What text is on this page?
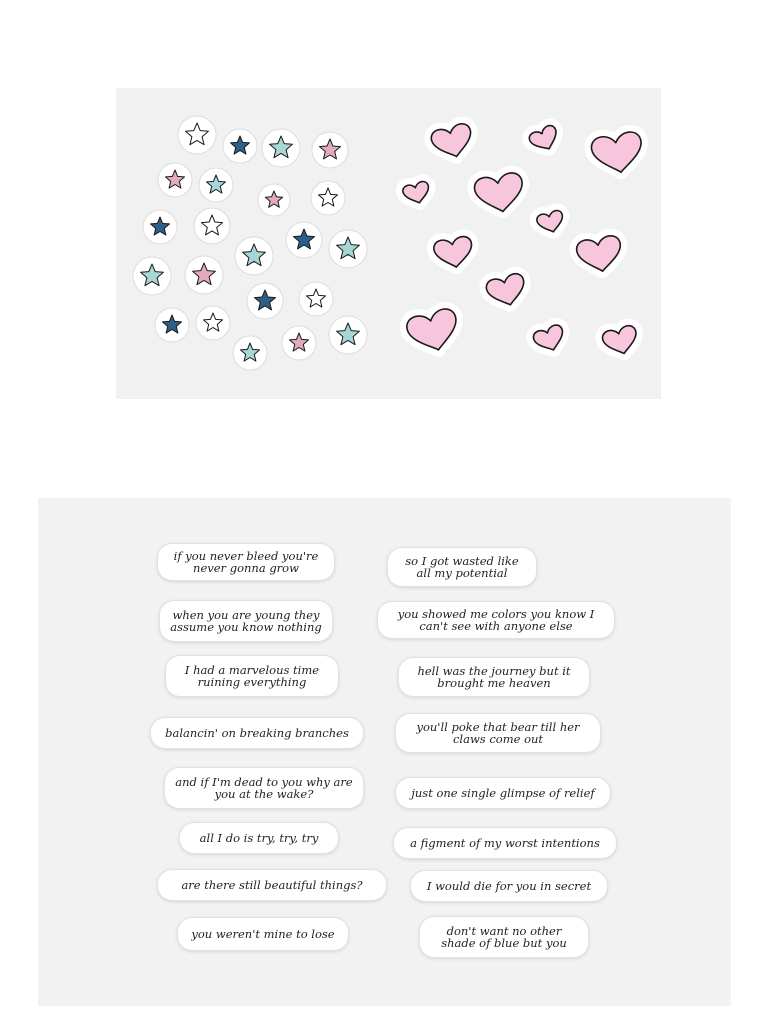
if you never bleed you're never gonna grow
when you are young they assume you know nothing
I had a marvelous time ruining everything
balancin' on breaking branches
and if I'm dead to you why are you at the wake?
all I do is try, try, try
are there still beautiful things?
you weren't mine to lose
so I got wasted like all my potential
you showed me colors you know I can't see with anyone else
hell was the journey but it brought me heaven
you'll poke that bear till her claws come out
just one single glimpse of relief
a figment of my worst intentions
I would die for you in secret
don't want no other shade of blue but you
